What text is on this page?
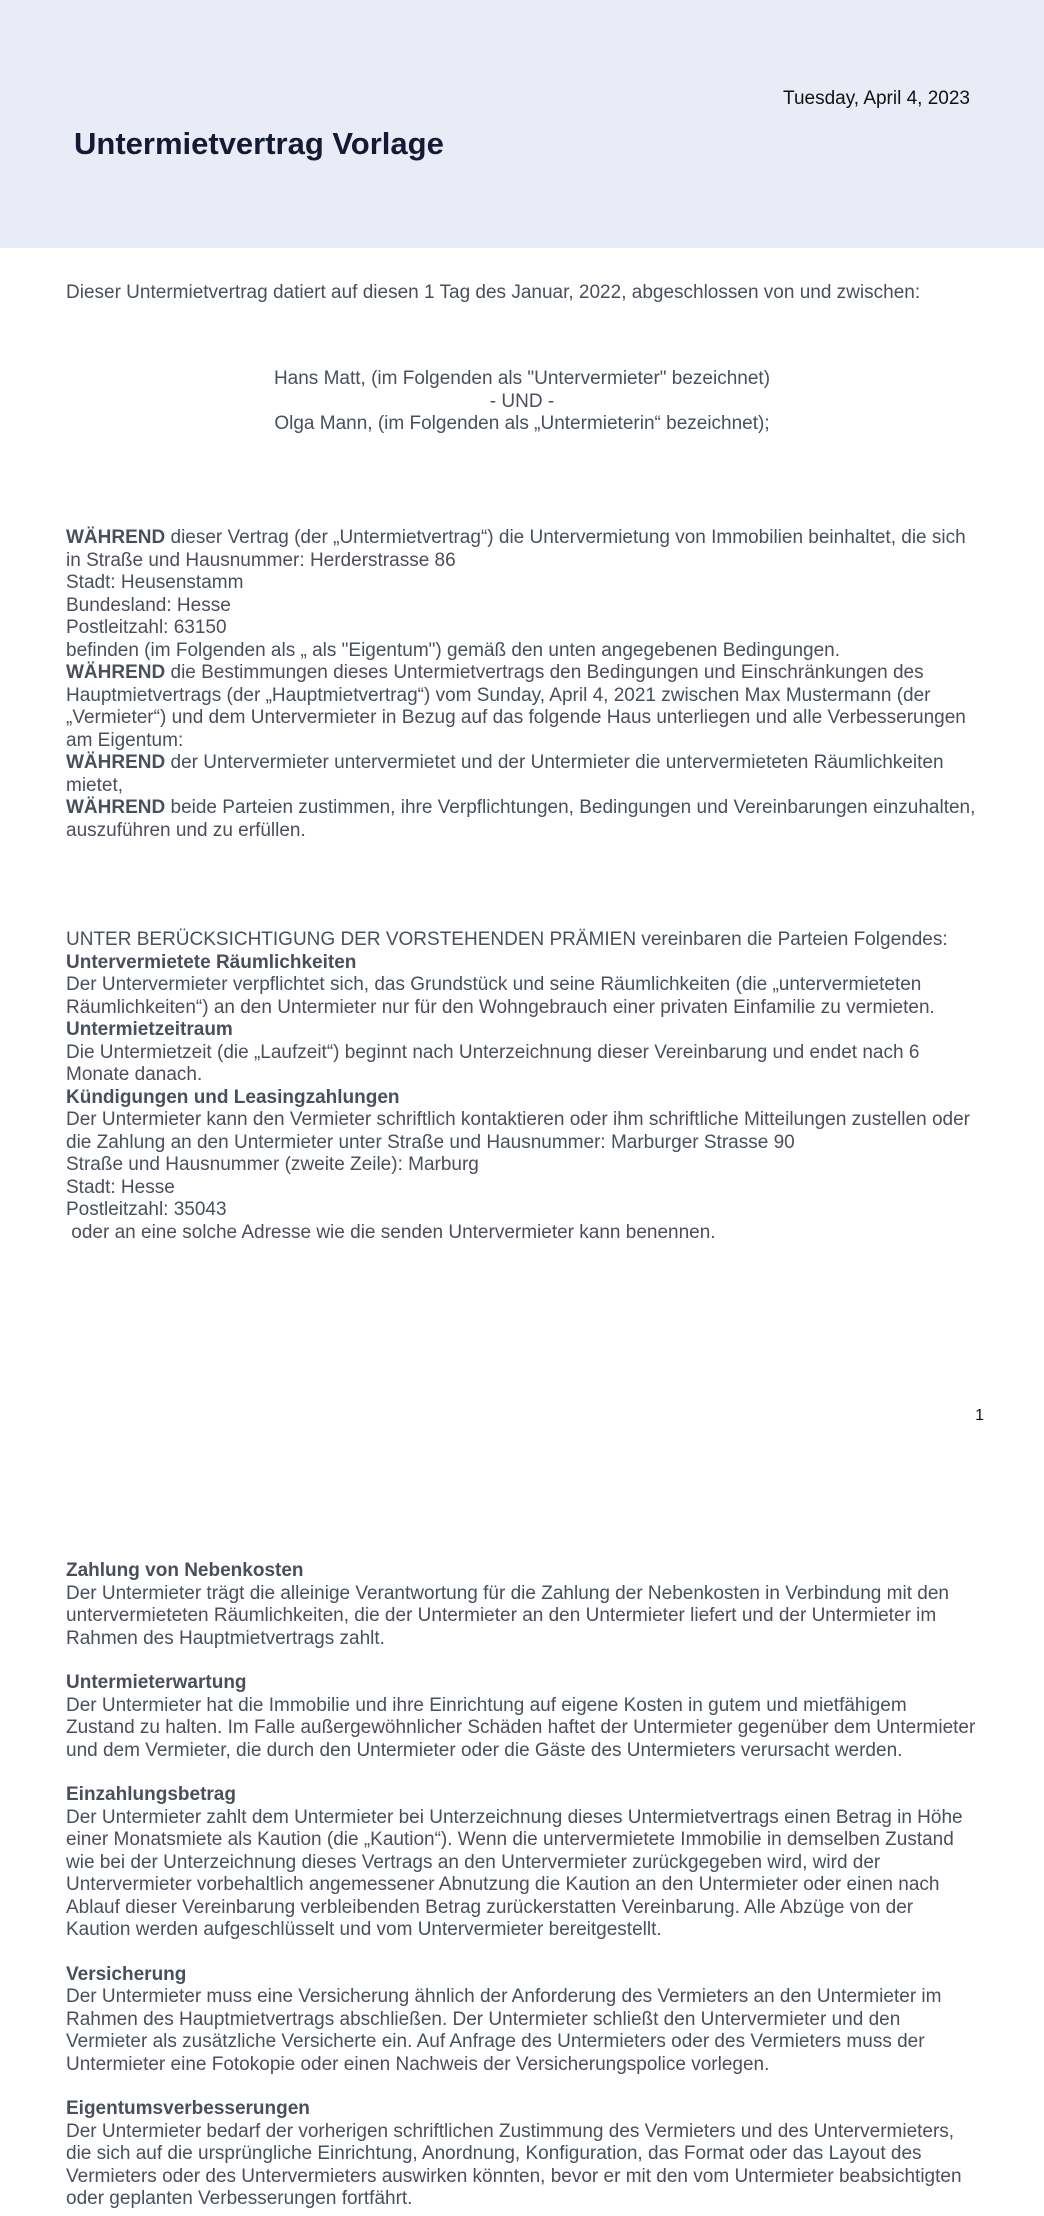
Tuesday, April 4, 2023
Untermietvertrag Vorlage

Dieser Untermietvertrag datiert auf diesen 1 Tag des Januar, 2022, abgeschlossen von und zwischen:

Hans Matt, (im Folgenden als "Untervermieter" bezeichnet)

- UND -

Olga Mann, (im Folgenden als „Untermieterin“ bezeichnet);

WÄHREND dieser Vertrag (der „Untermietvertrag“) die Untervermietung von Immobilien beinhaltet, die sich in Straße und Hausnummer: Herderstrasse 86

Stadt: Heusenstamm

Bundesland: Hesse

Postleitzahl: 63150

befinden (im Folgenden als „ als "Eigentum") gemäß den unten angegebenen Bedingungen.

WÄHREND die Bestimmungen dieses Untermietvertrags den Bedingungen und Einschränkungen des Hauptmietvertrags (der „Hauptmietvertrag“) vom Sunday, April 4, 2021 zwischen Max Mustermann (der „Vermieter“) und dem Untervermieter in Bezug auf das folgende Haus unterliegen und alle Verbesserungen am Eigentum:

WÄHREND der Untervermieter untervermietet und der Untermieter die untervermieteten Räumlichkeiten mietet,

WÄHREND beide Parteien zustimmen, ihre Verpflichtungen, Bedingungen und Vereinbarungen einzuhalten, auszuführen und zu erfüllen.

UNTER BERÜCKSICHTIGUNG DER VORSTEHENDEN PRÄMIEN vereinbaren die Parteien Folgendes:

Untervermietete Räumlichkeiten

Der Untervermieter verpflichtet sich, das Grundstück und seine Räumlichkeiten (die „untervermieteten Räumlichkeiten“) an den Untermieter nur für den Wohngebrauch einer privaten Einfamilie zu vermieten.

Untermietzeitraum

Die Untermietzeit (die „Laufzeit“) beginnt nach Unterzeichnung dieser Vereinbarung und endet nach 6 Monate danach.

Kündigungen und Leasingzahlungen

Der Untermieter kann den Vermieter schriftlich kontaktieren oder ihm schriftliche Mitteilungen zustellen oder die Zahlung an den Untermieter unter Straße und Hausnummer: Marburger Strasse 90

Straße und Hausnummer (zweite Zeile): Marburg

Stadt: Hesse

Postleitzahl: 35043

oder an eine solche Adresse wie die senden Untervermieter kann benennen.

1

Zahlung von Nebenkosten

Der Untermieter trägt die alleinige Verantwortung für die Zahlung der Nebenkosten in Verbindung mit den untervermieteten Räumlichkeiten, die der Untermieter an den Untermieter liefert und der Untermieter im Rahmen des Hauptmietvertrags zahlt.

Untermieterwartung

Der Untermieter hat die Immobilie und ihre Einrichtung auf eigene Kosten in gutem und mietfähigem Zustand zu halten. Im Falle außergewöhnlicher Schäden haftet der Untermieter gegenüber dem Untermieter und dem Vermieter, die durch den Untermieter oder die Gäste des Untermieters verursacht werden.

Einzahlungsbetrag

Der Untermieter zahlt dem Untermieter bei Unterzeichnung dieses Untermietvertrags einen Betrag in Höhe einer Monatsmiete als Kaution (die „Kaution“). Wenn die untervermietete Immobilie in demselben Zustand wie bei der Unterzeichnung dieses Vertrags an den Untervermieter zurückgegeben wird, wird der Untervermieter vorbehaltlich angemessener Abnutzung die Kaution an den Untermieter oder einen nach Ablauf dieser Vereinbarung verbleibenden Betrag zurückerstatten Vereinbarung. Alle Abzüge von der Kaution werden aufgeschlüsselt und vom Untervermieter bereitgestellt.

Versicherung

Der Untermieter muss eine Versicherung ähnlich der Anforderung des Vermieters an den Untermieter im Rahmen des Hauptmietvertrags abschließen. Der Untermieter schließt den Untervermieter und den Vermieter als zusätzliche Versicherte ein. Auf Anfrage des Untermieters oder des Vermieters muss der Untermieter eine Fotokopie oder einen Nachweis der Versicherungspolice vorlegen.

Eigentumsverbesserungen

Der Untermieter bedarf der vorherigen schriftlichen Zustimmung des Vermieters und des Untervermieters, die sich auf die ursprüngliche Einrichtung, Anordnung, Konfiguration, das Format oder das Layout des Vermieters oder des Untervermieters auswirken könnten, bevor er mit den vom Untermieter beabsichtigten oder geplanten Verbesserungen fortfährt.
